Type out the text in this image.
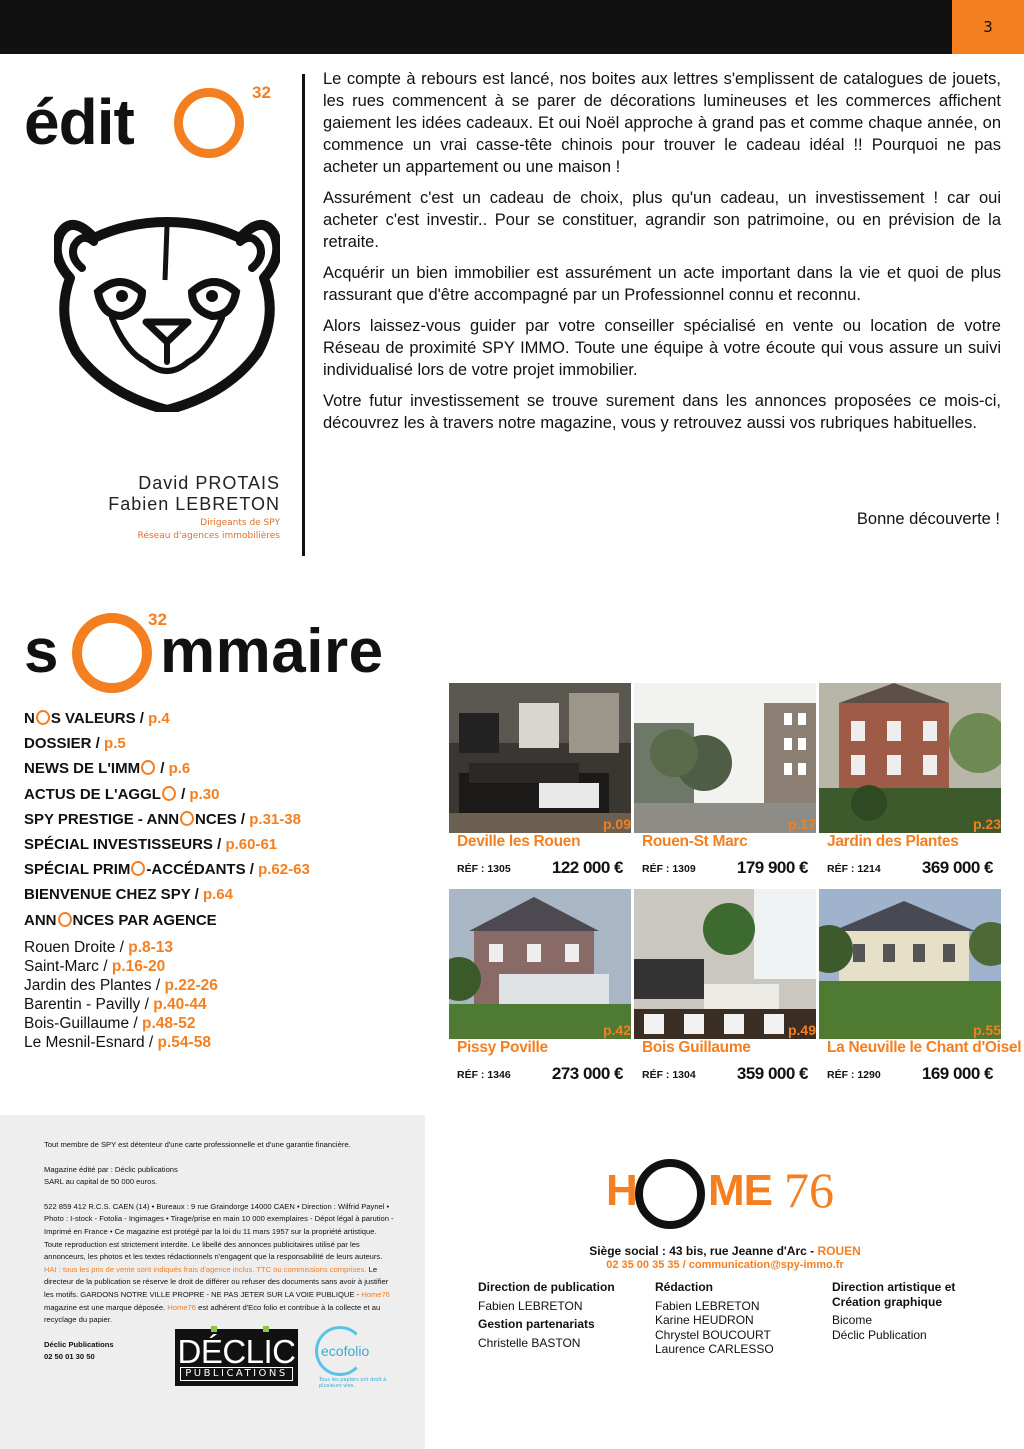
3
édit	32
David PROTAIS
Fabien LEBRETON
Dirigeants de SPY
Réseau d'agences immobilières

Le compte à rebours est lancé, nos boites aux lettres s'emplissent de catalogues de jouets, les rues commencent à se parer de décorations lumineuses et les commerces affichent gaiement les idées cadeaux. Et oui Noël approche à grand pas et comme chaque année, on commence un vrai casse-tête chinois pour trouver le cadeau idéal !! Pourquoi ne pas acheter un appartement ou une maison !

Assurément c'est un cadeau de choix, plus qu'un cadeau, un investissement ! car oui acheter c'est investir.. Pour se constituer, agrandir son patrimoine, ou en prévision de la retraite.

Acquérir un bien immobilier est assurément un acte important dans la vie et quoi de plus rassurant que d'être accompagné par un Professionnel connu et reconnu.

Alors laissez-vous guider par votre conseiller spécialisé en vente ou location de votre Réseau de proximité SPY IMMO. Toute une équipe à votre écoute qui vous assure un suivi individualisé lors de votre projet immobilier.

Votre futur investissement se trouve surement dans les annonces proposées ce mois-ci, découvrez les à travers notre magazine, vous y retrouvez aussi vos rubriques habituelles.

Bonne découverte !
s	32
mmaire
N S VALEURS / p.4
DOSSIER / p.5
NEWS DE L'IMM / p.6
ACTUS DE L'AGGL / p.30
SPY PRESTIGE - ANN NCES / p.31-38
SPÉCIAL INVESTISSEURS / p.60-61
SPÉCIAL PRIM -ACCÉDANTS / p.62-63
BIENVENUE CHEZ SPY / p.64
ANN NCES PAR AGENCE
Rouen Droite / p.8-13
Saint-Marc / p.16-20
Jardin des Plantes / p.22-26
Barentin - Pavilly / p.40-44
Bois-Guillaume / p.48-52
Le Mesnil-Esnard / p.54-58
p.09
Deville les Rouen
RÉF : 1305 122 000 €
p.17
Rouen-St Marc
RÉF : 1309 179 900 €
p.23
Jardin des Plantes
RÉF : 1214 369 000 €
p.42
Pissy Poville
RÉF : 1346 273 000 €
p.49
Bois Guillaume
RÉF : 1304 359 000 €
p.55
La Neuville le Chant d'Oisel
RÉF : 1290 169 000 €
Tout membre de SPY est détenteur d'une carte professionnelle et d'une garantie financière.
Magazine édité par : Déclic publications
SARL au capital de 50 000 euros.
522 859 412 R.C.S. CAEN (14) • Bureaux : 9 rue Graindorge 14000 CAEN • Direction : Wilfrid Paynel • Photo : I-stock - Fotolia - Ingimages • Tirage/prise en main 10 000 exemplaires - Dépot légal à parution - Imprimé en France • Ce magazine est protégé par la loi du 11 mars 1957 sur la propriété artistique. Toute reproduction est strictement interdite. Le libellé des annonces publicitaires utilisé par les annonceurs, les photos et les textes rédactionnels n'engagent que la responsabilité de leurs auteurs. HAI : tous les prix de vente sont indiqués frais d'agence inclus. TTC ou commissions comprises. Le directeur de la publication se réserve le droit de différer ou refuser des documents sans avoir à justifier les motifs. GARDONS NOTRE VILLE PROPRE - NE PAS JETER SUR LA VOIE PUBLIQUE - Home76 magazine est une marque déposée. Home76 est adhérent d'Eco folio et contribue à la collecte et au recyclage du papier.
Déclic Publications
02 50 01 30 50	DÉCLIC
PUBLICATIONS
ecofolio
Tous les papiers ont droit à plusieurs vies.
H ME 76
Siège social : 43 bis, rue Jeanne d'Arc - ROUEN
02 35 00 35 35 / communication@spy-immo.fr
Direction de publication
Fabien LEBRETON
Gestion partenariats
Christelle BASTON
Rédaction
Fabien LEBRETON
Karine HEUDRON
Chrystel BOUCOURT
Laurence CARLESSO
Direction artistique et
Création graphique
Bicome
Déclic Publication
